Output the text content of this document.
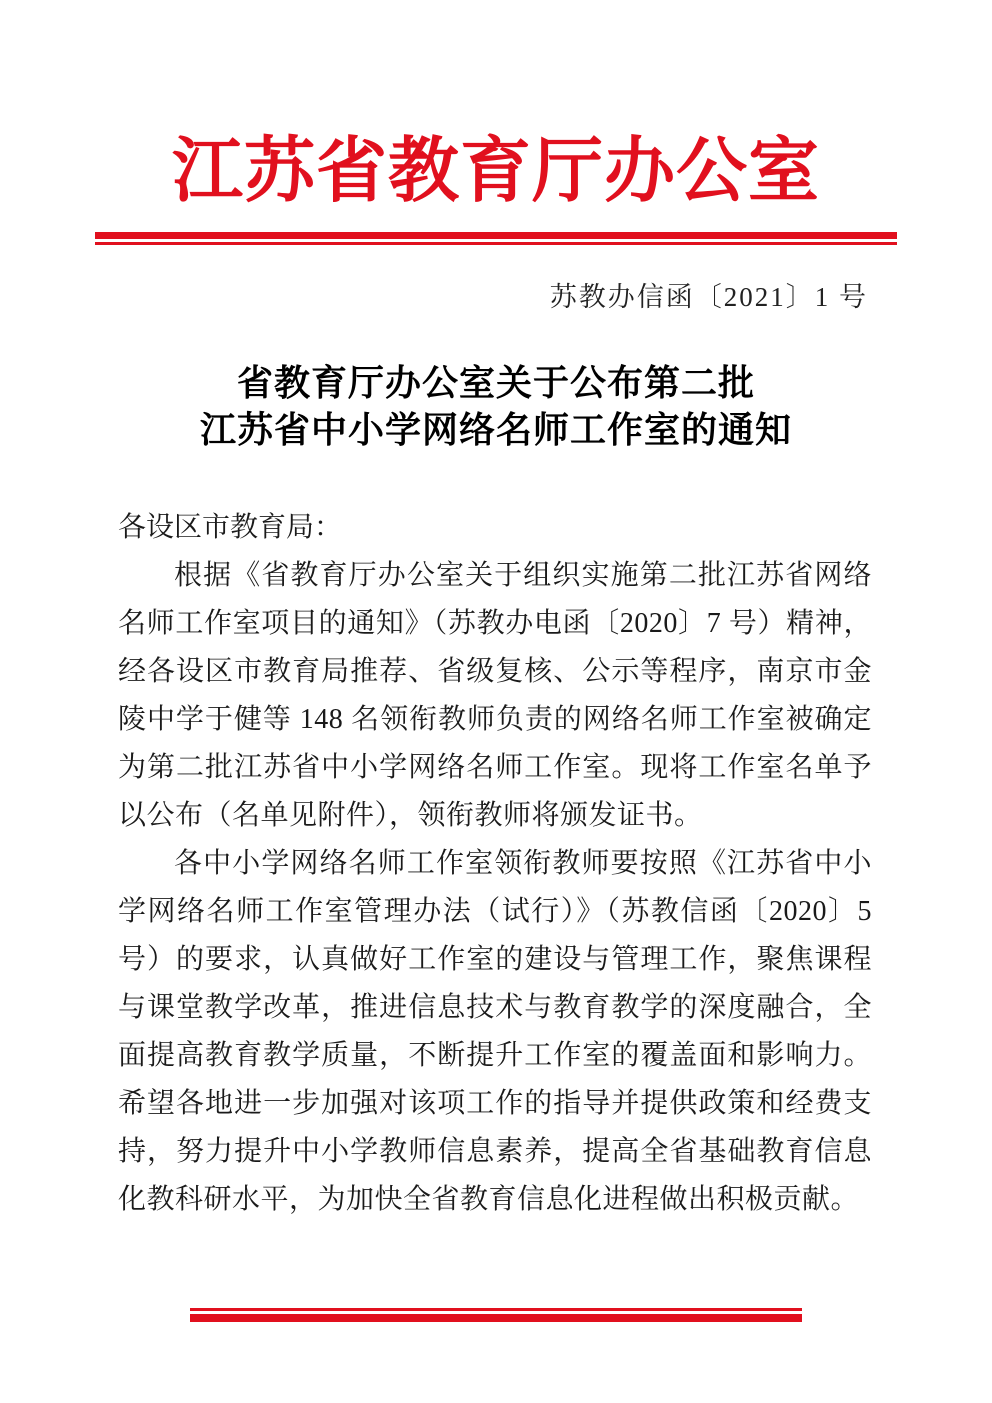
江苏省教育厅办公室
苏教办信函〔2021〕1 号
省教育厅办公室关于公布第二批
江苏省中小学网络名师工作室的通知

各设区市教育局：

根据《省教育厅办公室关于组织实施第二批江苏省网络名师工作室项目的通知》（苏教办电函〔2020〕7 号）精神，经各设区市教育局推荐、省级复核、公示等程序，南京市金陵中学于健等 148 名领衔教师负责的网络名师工作室被确定为第二批江苏省中小学网络名师工作室。现将工作室名单予以公布（名单见附件），领衔教师将颁发证书。

各中小学网络名师工作室领衔教师要按照《江苏省中小学网络名师工作室管理办法（试行）》（苏教信函〔2020〕5 号）的要求，认真做好工作室的建设与管理工作，聚焦课程与课堂教学改革，推进信息技术与教育教学的深度融合，全面提高教育教学质量，不断提升工作室的覆盖面和影响力。希望各地进一步加强对该项工作的指导并提供政策和经费支持，努力提升中小学教师信息素养，提高全省基础教育信息化教科研水平，为加快全省教育信息化进程做出积极贡献。
